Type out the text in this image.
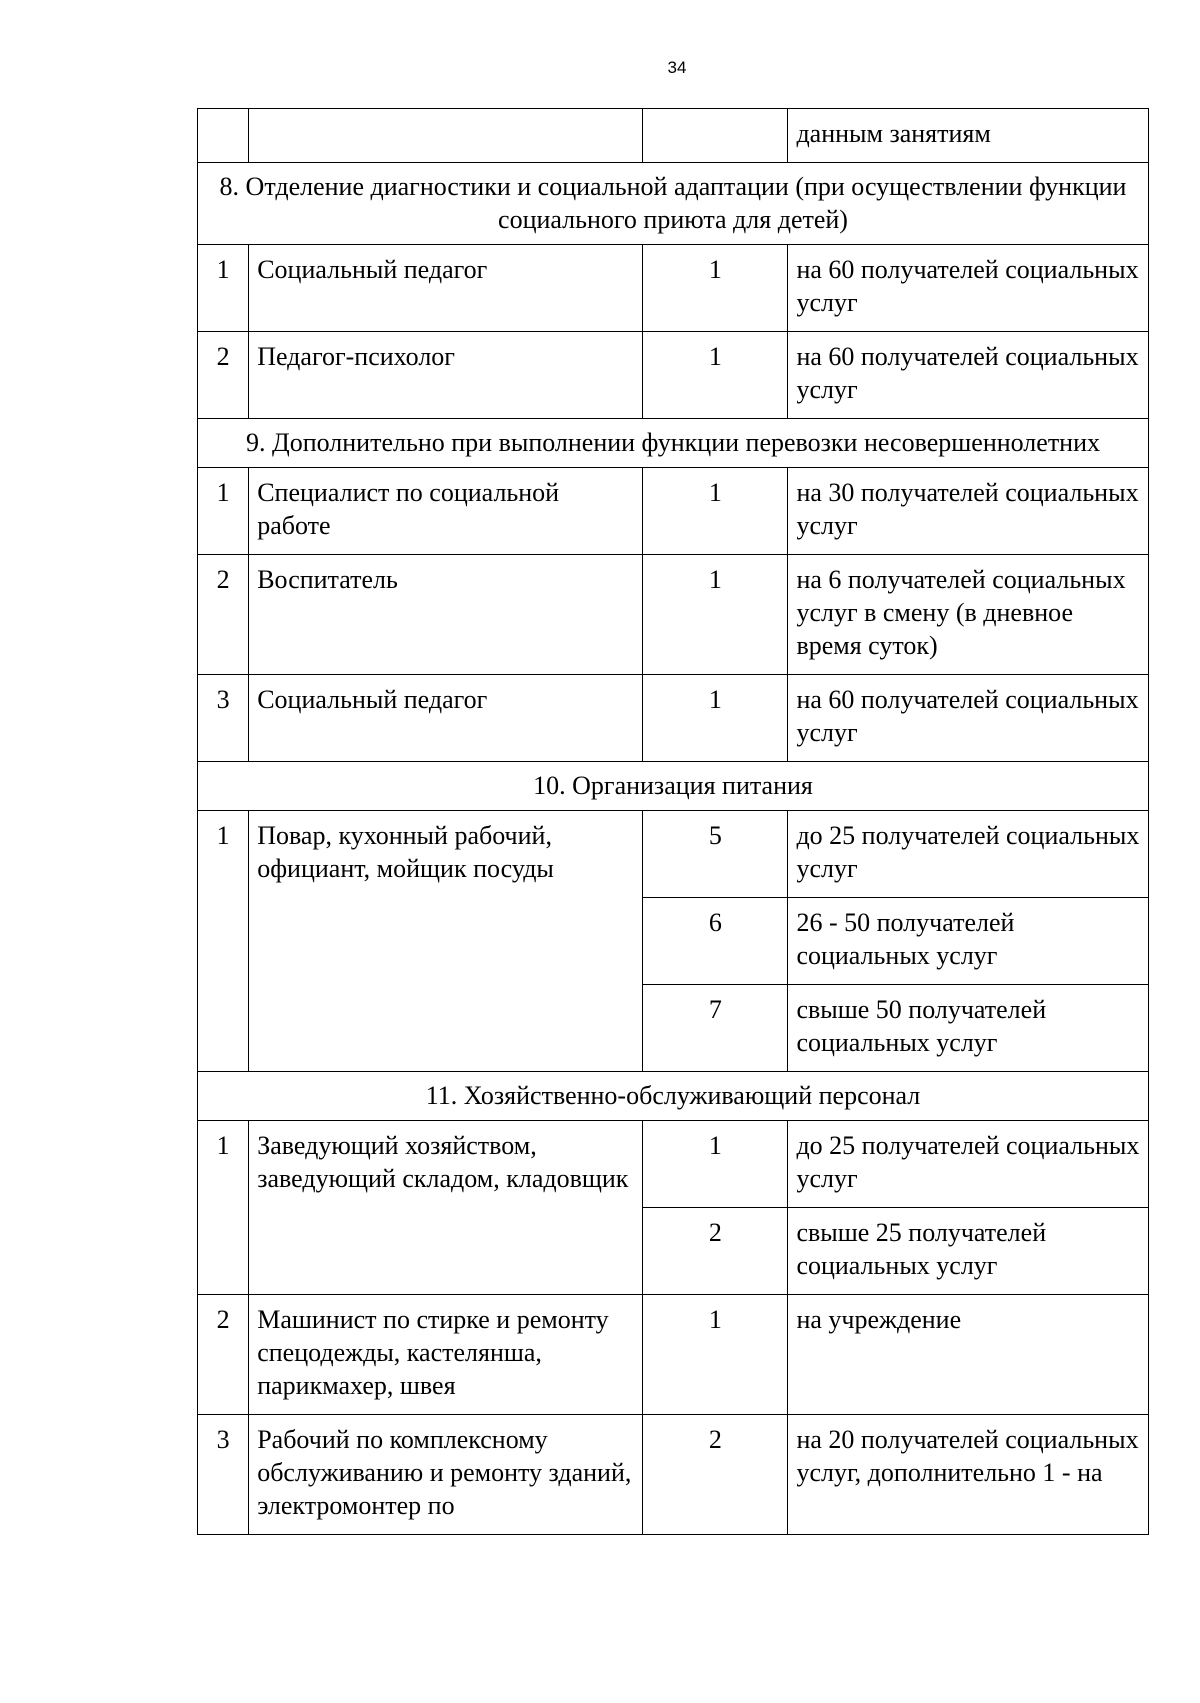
34
			данным занятиям
8. Отделение диагностики и социальной адаптации (при осуществлении функции социального приюта для детей)			
1	Социальный педагог	1	на 60 получателей социальных услуг
2	Педагог-психолог	1	на 60 получателей социальных услуг
9. Дополнительно при выполнении функции перевозки несовершеннолетних			
1	Специалист по социальной работе	1	на 30 получателей социальных услуг
2	Воспитатель	1	на 6 получателей социальных услуг в смену (в дневное время суток)
3	Социальный педагог	1	на 60 получателей социальных услуг
10. Организация питания			
1	Повар, кухонный рабочий, официант, мойщик посуды	5	до 25 получателей социальных услуг
		6	26 - 50 получателей социальных услуг
		7	свыше 50 получателей социальных услуг
11. Хозяйственно-обслуживающий персонал			
1	Заведующий хозяйством, заведующий складом, кладовщик	1	до 25 получателей социальных услуг
		2	свыше 25 получателей социальных услуг
2	Машинист по стирке и ремонту спецодежды, кастелянша, парикмахер, швея	1	на учреждение
3	Рабочий по комплексному обслуживанию и ремонту зданий, электромонтер по	2	на 20 получателей социальных услуг, дополнительно 1 - на
